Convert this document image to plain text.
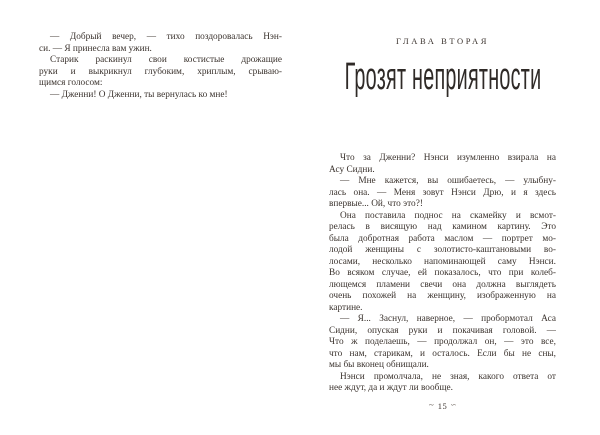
— Добрый вечер, — тихо поздоровалась Нэн-
си. — Я принесла вам ужин.
Старик раскинул свои костистые дрожащие
руки и выкрикнул глубоким, хриплым, срываю-
щимся голосом:
— Дженни! О Дженни, ты вернулась ко мне!
ГЛАВА ВТОРАЯ
Грозят неприятности
Что за Дженни? Нэнси изумленно взирала на
Асу Сидни.
— Мне кажется, вы ошибаетесь, — улыбну-
лась она. — Меня зовут Нэнси Дрю, и я здесь
впервые... Ой, что это?!
Она поставила поднос на скамейку и всмот-
релась в висящую над камином картину. Это
была добротная работа маслом — портрет мо-
лодой женщины с золотисто-каштановыми во-
лосами, несколько напоминающей саму Нэнси.
Во всяком случае, ей показалось, что при колеб-
лющемся пламени свечи она должна выглядеть
очень похожей на женщину, изображенную на
картине.
— Я... Заснул, наверное, — пробормотал Аса
Сидни, опуская руки и покачивая головой. —
Что ж поделаешь, — продолжал он, — это все,
что нам, старикам, и осталось. Если бы не сны,
мы бы вконец обнищали.
Нэнси промолчала, не зная, какого ответа от
нее ждут, да и ждут ли вообще.
~ 15 ~
